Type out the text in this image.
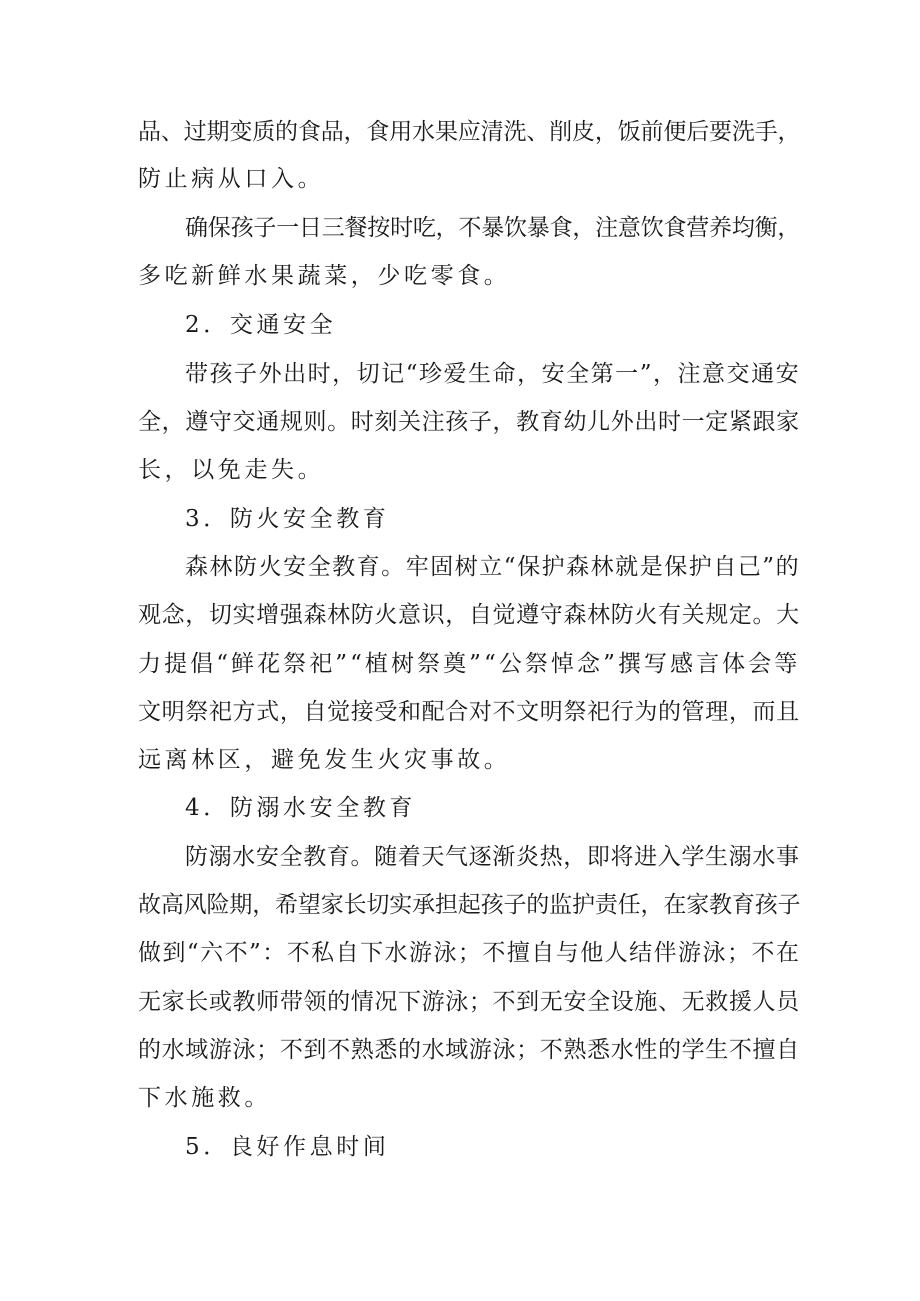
品、过期变质的食品，食用水果应清洗、削皮，饭前便后要洗手，
防止病从口入。
确保孩子一日三餐按时吃，不暴饮暴食，注意饮食营养均衡，
多吃新鲜水果蔬菜，少吃零食。
2．交通安全
带孩子外出时，切记“珍爱生命，安全第一”，注意交通安
全，遵守交通规则。时刻关注孩子，教育幼儿外出时一定紧跟家
长，以免走失。
3．防火安全教育
森林防火安全教育。牢固树立“保护森林就是保护自己”的
观念，切实增强森林防火意识，自觉遵守森林防火有关规定。大
力提倡“鲜花祭祀”“植树祭奠”“公祭悼念”撰写感言体会等
文明祭祀方式，自觉接受和配合对不文明祭祀行为的管理，而且
远离林区，避免发生火灾事故。
4．防溺水安全教育
防溺水安全教育。随着天气逐渐炎热，即将进入学生溺水事
故高风险期，希望家长切实承担起孩子的监护责任，在家教育孩子
做到“六不”：不私自下水游泳；不擅自与他人结伴游泳；不在
无家长或教师带领的情况下游泳；不到无安全设施、无救援人员
的水域游泳；不到不熟悉的水域游泳；不熟悉水性的学生不擅自
下水施救。
5．良好作息时间
